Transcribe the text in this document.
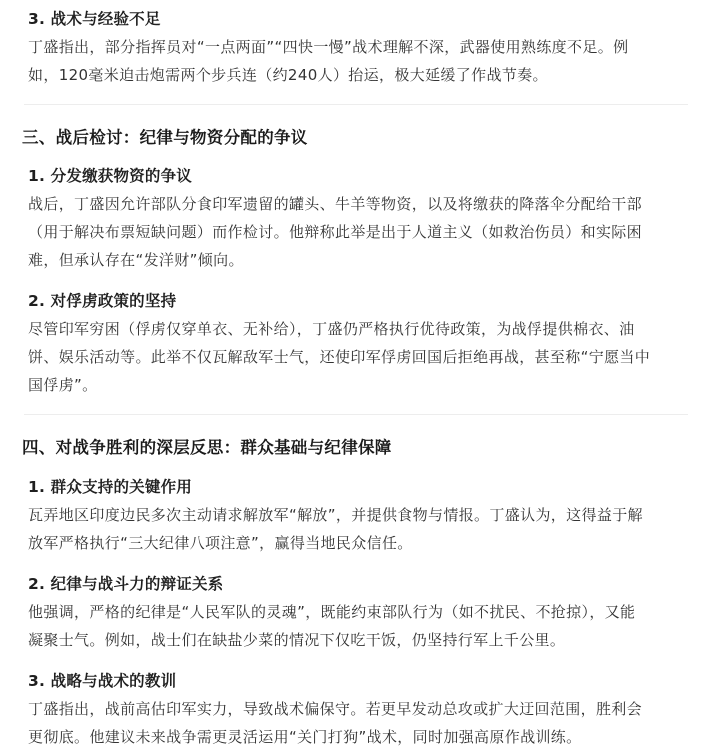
3. 战术与经验不足
丁盛指出，部分指挥员对“一点两面”“四快一慢”战术理解不深，武器使用熟练度不足。例
如，120毫米迫击炮需两个步兵连（约240人）抬运，极大延缓了作战节奏。
三、战后检讨：纪律与物资分配的争议
1. 分发缴获物资的争议
战后，丁盛因允许部队分食印军遗留的罐头、牛羊等物资，以及将缴获的降落伞分配给干部
（用于解决布票短缺问题）而作检讨。他辩称此举是出于人道主义（如救治伤员）和实际困
难，但承认存在“发洋财”倾向。
2. 对俘虏政策的坚持
尽管印军穷困（俘虏仅穿单衣、无补给），丁盛仍严格执行优待政策，为战俘提供棉衣、油
饼、娱乐活动等。此举不仅瓦解敌军士气，还使印军俘虏回国后拒绝再战，甚至称“宁愿当中
国俘虏”。
四、对战争胜利的深层反思：群众基础与纪律保障
1. 群众支持的关键作用
瓦弄地区印度边民多次主动请求解放军“解放”，并提供食物与情报。丁盛认为，这得益于解
放军严格执行“三大纪律八项注意”，赢得当地民众信任。
2. 纪律与战斗力的辩证关系
他强调，严格的纪律是“人民军队的灵魂”，既能约束部队行为（如不扰民、不抢掠），又能
凝聚士气。例如，战士们在缺盐少菜的情况下仅吃干饭，仍坚持行军上千公里。
3. 战略与战术的教训
丁盛指出，战前高估印军实力，导致战术偏保守。若更早发动总攻或扩大迂回范围，胜利会
更彻底。他建议未来战争需更灵活运用“关门打狗”战术，同时加强高原作战训练。
